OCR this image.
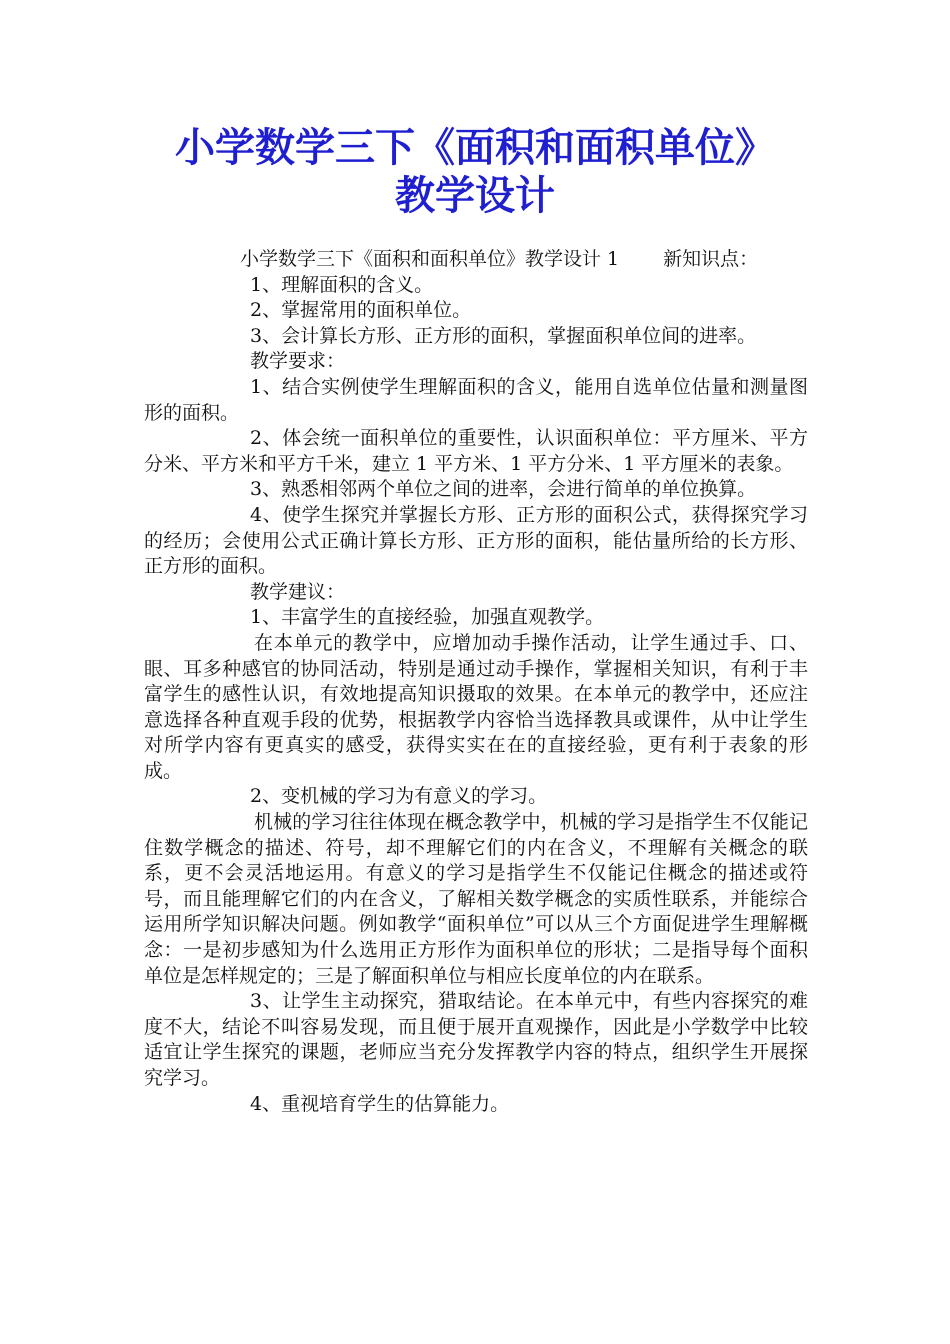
小学数学三下《面积和面积单位》
教学设计

小学数学三下《面积和面积单位》教学设计 1　　 新知识点：

1、理解面积的含义。

2、掌握常用的面积单位。

3、会计算长方形、正方形的面积，掌握面积单位间的进率。

教学要求：

1、结合实例使学生理解面积的含义，能用自选单位估量和测量图形的面积。

2、体会统一面积单位的重要性，认识面积单位：平方厘米、平方分米、平方米和平方千米，建立 1 平方米、1 平方分米、1 平方厘米的表象。

3、熟悉相邻两个单位之间的进率，会进行简单的单位换算。

4、使学生探究并掌握长方形、正方形的面积公式，获得探究学习的经历；会使用公式正确计算长方形、正方形的面积，能估量所给的长方形、正方形的面积。

教学建议：

1、丰富学生的直接经验，加强直观教学。

在本单元的教学中，应增加动手操作活动，让学生通过手、口、眼、耳多种感官的协同活动，特别是通过动手操作，掌握相关知识，有利于丰富学生的感性认识，有效地提高知识摄取的效果。在本单元的教学中，还应注意选择各种直观手段的优势，根据教学内容恰当选择教具或课件，从中让学生对所学内容有更真实的感受，获得实实在在的直接经验，更有利于表象的形成。

2、变机械的学习为有意义的学习。

机械的学习往往体现在概念教学中，机械的学习是指学生不仅能记住数学概念的描述、符号，却不理解它们的内在含义，不理解有关概念的联系，更不会灵活地运用。有意义的学习是指学生不仅能记住概念的描述或符号，而且能理解它们的内在含义，了解相关数学概念的实质性联系，并能综合运用所学知识解决问题。例如教学“面积单位”可以从三个方面促进学生理解概念：一是初步感知为什么选用正方形作为面积单位的形状；二是指导每个面积单位是怎样规定的；三是了解面积单位与相应长度单位的内在联系。

3、让学生主动探究，猎取结论。在本单元中，有些内容探究的难度不大，结论不叫容易发现，而且便于展开直观操作，因此是小学数学中比较适宜让学生探究的课题，老师应当充分发挥教学内容的特点，组织学生开展探究学习。

4、重视培育学生的估算能力。
